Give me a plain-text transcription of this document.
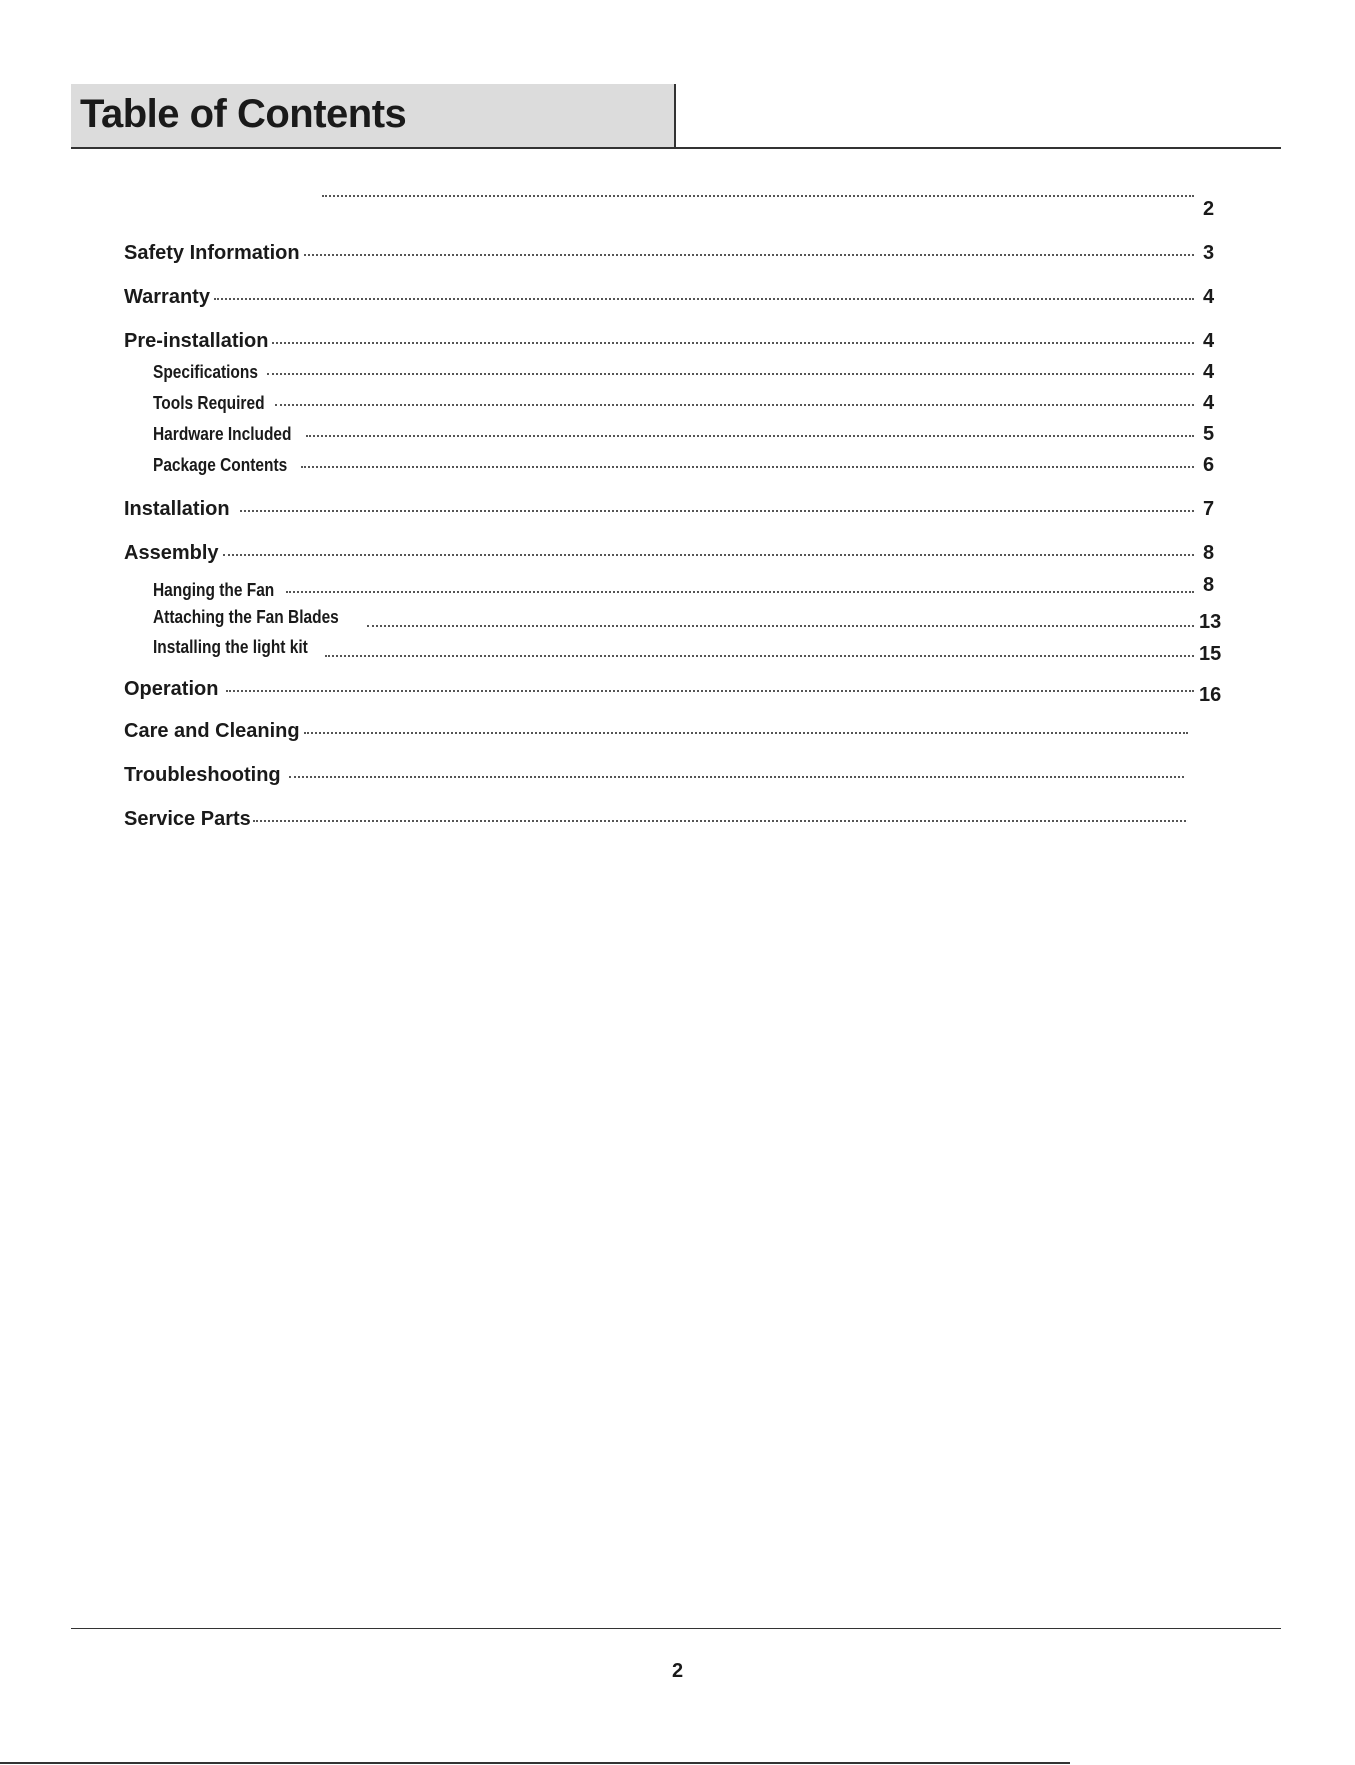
Table of Contents
2
Safety Information	3
Warranty	4
Pre-installation	4
Specifications	4
Tools Required	4
Hardware Included	5
Package Contents	6
Installation	7
Assembly	8
Hanging the Fan	8
Attaching the Fan Blades	13
Installing the light kit	15
Operation	16
Care and Cleaning
Troubleshooting
Service Parts
2
